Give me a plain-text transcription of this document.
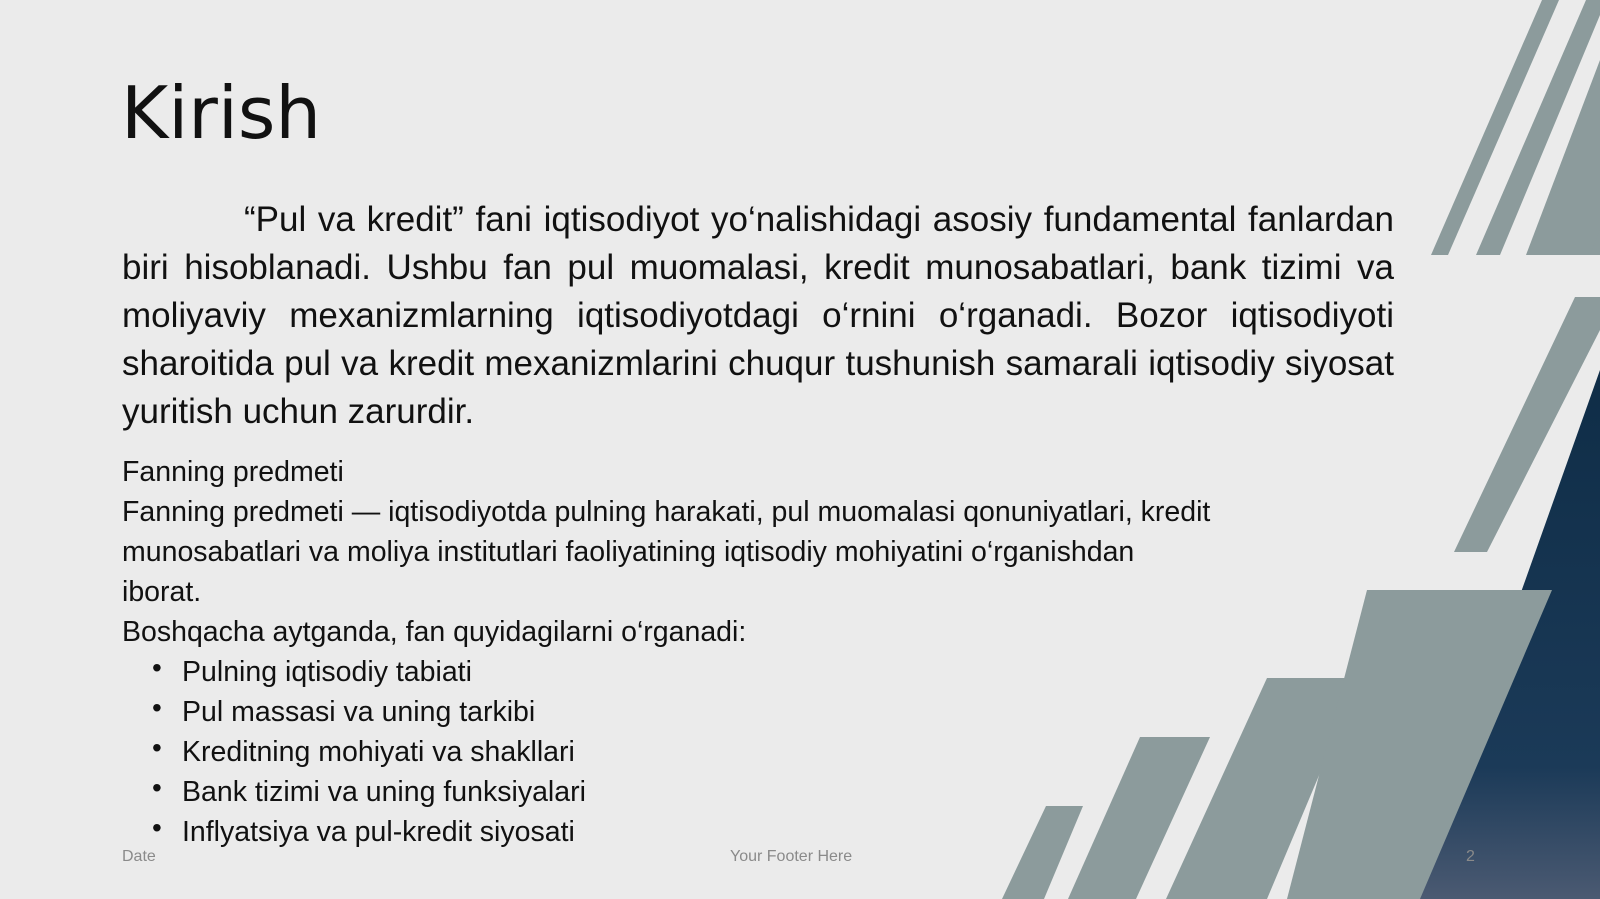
Kirish

“Pul va kredit” fani iqtisodiyot yo‘nalishidagi asosiy fundamental fanlardan biri hisoblanadi. Ushbu fan pul muomalasi, kredit munosabatlari, bank tizimi va moliyaviy mexanizmlarning iqtisodiyotdagi o‘rnini o‘rganadi. Bozor iqtisodiyoti sharoitida pul va kredit mexanizmlarini chuqur tushunish samarali iqtisodiy siyosat yuritish uchun zarurdir.

Fanning predmeti

Fanning predmeti — iqtisodiyotda pulning harakati, pul muomalasi qonuniyatlari, kredit

munosabatlari va moliya institutlari faoliyatining iqtisodiy mohiyatini o‘rganishdan

iborat.

Boshqacha aytganda, fan quyidagilarni o‘rganadi:

• Pulning iqtisodiy tabiati
• Pul massasi va uning tarkibi
• Kreditning mohiyati va shakllari
• Bank tizimi va uning funksiyalari
• Inflyatsiya va pul-kredit siyosati
Date	Your Footer Here	2
